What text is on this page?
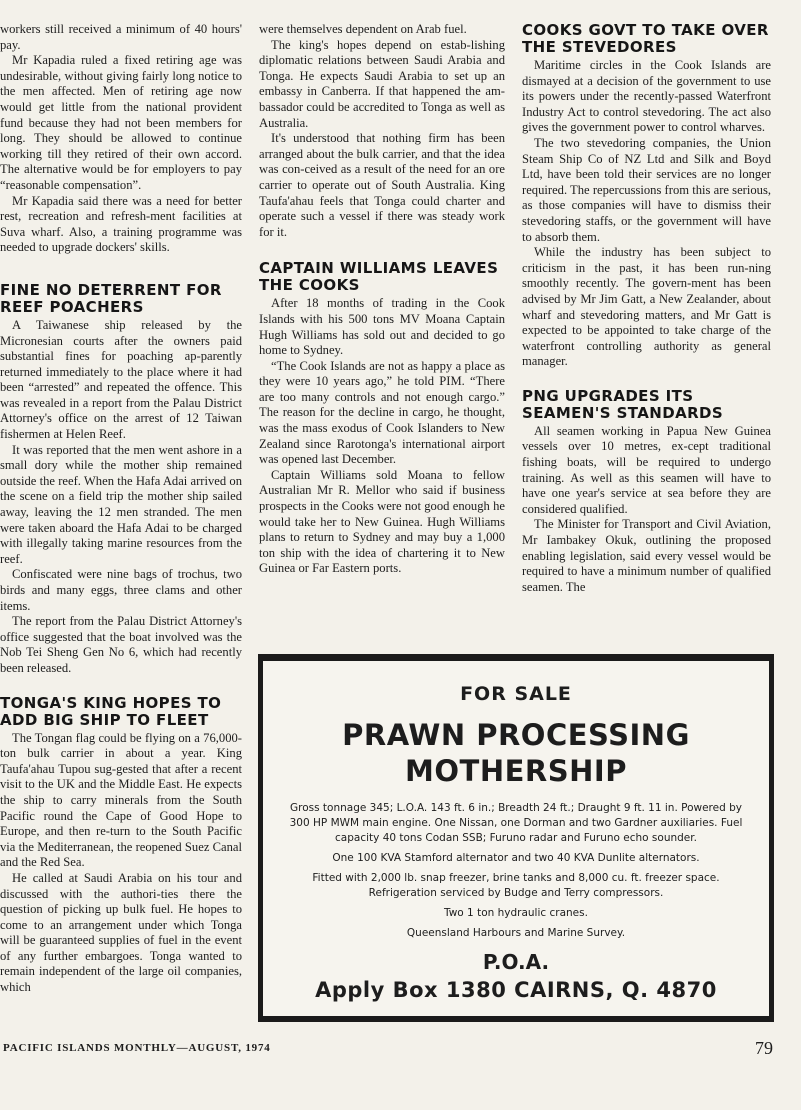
workers still received a minimum of 40 hours' pay.

Mr Kapadia ruled a fixed retiring age was undesirable, without giving fairly long notice to the men affected. Men of retiring age now would get little from the national provident fund because they had not been members for long. They should be allowed to continue working till they retired of their own accord. The alternative would be for employers to pay “reasonable compensation”.

Mr Kapadia said there was a need for better rest, recreation and refresh-ment facilities at Suva wharf. Also, a training programme was needed to upgrade dockers' skills.

FINE NO DETERRENT FOR REEF POACHERS

A Taiwanese ship released by the Micronesian courts after the owners paid substantial fines for poaching ap-parently returned immediately to the place where it had been “arrested” and repeated the offence. This was revealed in a report from the Palau District Attorney's office on the arrest of 12 Taiwan fishermen at Helen Reef.

It was reported that the men went ashore in a small dory while the mother ship remained outside the reef. When the Hafa Adai arrived on the scene on a field trip the mother ship sailed away, leaving the 12 men stranded. The men were taken aboard the Hafa Adai to be charged with illegally taking marine resources from the reef.

Confiscated were nine bags of trochus, two birds and many eggs, three clams and other items.

The report from the Palau District Attorney's office suggested that the boat involved was the Nob Tei Sheng Gen No 6, which had recently been released.

TONGA'S KING HOPES TO ADD BIG SHIP TO FLEET

The Tongan flag could be flying on a 76,000-ton bulk carrier in about a year. King Taufa'ahau Tupou sug-gested that after a recent visit to the UK and the Middle East. He expects the ship to carry minerals from the South Pacific round the Cape of Good Hope to Europe, and then re-turn to the South Pacific via the Mediterranean, the reopened Suez Canal and the Red Sea.

He called at Saudi Arabia on his tour and discussed with the authori-ties there the question of picking up bulk fuel. He hopes to come to an arrangement under which Tonga will be guaranteed supplies of fuel in the event of any further embargoes. Tonga wanted to remain independent of the large oil companies, which

were themselves dependent on Arab fuel.

The king's hopes depend on estab-lishing diplomatic relations between Saudi Arabia and Tonga. He expects Saudi Arabia to set up an embassy in Canberra. If that happened the am-bassador could be accredited to Tonga as well as Australia.

It's understood that nothing firm has been arranged about the bulk carrier, and that the idea was con-ceived as a result of the need for an ore carrier to operate out of South Australia. King Taufa'ahau feels that Tonga could charter and operate such a vessel if there was steady work for it.

CAPTAIN WILLIAMS LEAVES THE COOKS

After 18 months of trading in the Cook Islands with his 500 tons MV Moana Captain Hugh Williams has sold out and decided to go home to Sydney.

“The Cook Islands are not as happy a place as they were 10 years ago,” he told PIM. “There are too many controls and not enough cargo.” The reason for the decline in cargo, he thought, was the mass exodus of Cook Islanders to New Zealand since Rarotonga's international airport was opened last December.

Captain Williams sold Moana to fellow Australian Mr R. Mellor who said if business prospects in the Cooks were not good enough he would take her to New Guinea. Hugh Williams plans to return to Sydney and may buy a 1,000 ton ship with the idea of chartering it to New Guinea or Far Eastern ports.

COOKS GOVT TO TAKE OVER THE STEVEDORES

Maritime circles in the Cook Islands are dismayed at a decision of the government to use its powers under the recently-passed Waterfront Industry Act to control stevedoring. The act also gives the government power to control wharves.

The two stevedoring companies, the Union Steam Ship Co of NZ Ltd and Silk and Boyd Ltd, have been told their services are no longer required. The repercussions from this are serious, as those companies will have to dismiss their stevedoring staffs, or the government will have to absorb them.

While the industry has been subject to criticism in the past, it has been run-ning smoothly recently. The govern-ment has been advised by Mr Jim Gatt, a New Zealander, about wharf and stevedoring matters, and Mr Gatt is expected to be appointed to take charge of the waterfront controlling authority as general manager.

PNG UPGRADES ITS SEAMEN'S STANDARDS

All seamen working in Papua New Guinea vessels over 10 metres, ex-cept traditional fishing boats, will be required to undergo training. As well as this seamen will have to have one year's service at sea before they are considered qualified.

The Minister for Transport and Civil Aviation, Mr Iambakey Okuk, outlining the proposed enabling legislation, said every vessel would be required to have a minimum number of qualified seamen. The

FOR SALE
PRAWN PROCESSING
MOTHERSHIP
Gross tonnage 345; L.O.A. 143 ft. 6 in.; Breadth 24 ft.; Draught 9 ft. 11 in. Powered by 300 HP MWM main engine. One Nissan, one Dorman and two Gardner auxiliaries. Fuel capacity 40 tons Codan SSB; Furuno radar and Furuno echo sounder.
One 100 KVA Stamford alternator and two 40 KVA Dunlite alternators.
Fitted with 2,000 lb. snap freezer, brine tanks and 8,000 cu. ft. freezer space. Refrigeration serviced by Budge and Terry compressors.
Two 1 ton hydraulic cranes.
Queensland Harbours and Marine Survey.
P.O.A.
Apply Box 1380 CAIRNS, Q. 4870
PACIFIC ISLANDS MONTHLY—AUGUST, 1974	79
